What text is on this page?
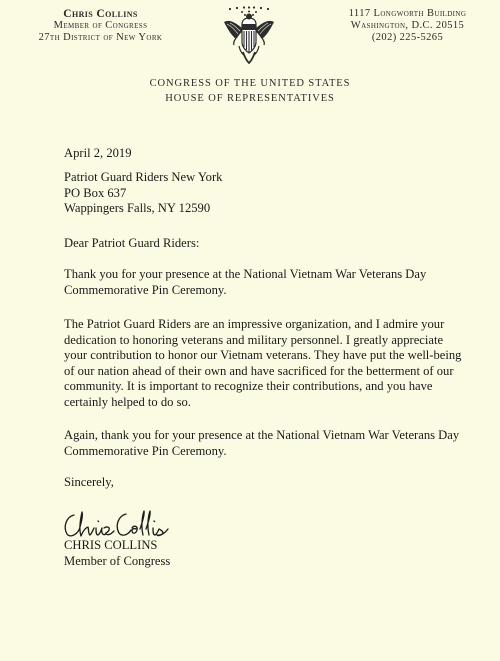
Chris Collins
Member of Congress
27th District of New York
1117 Longworth Building
Washington, D.C. 20515
(202) 225-5265
CONGRESS OF THE UNITED STATES
HOUSE OF REPRESENTATIVES
April 2, 2019
Patriot Guard Riders New York
PO Box 637
Wappingers Falls, NY 12590
Dear Patriot Guard Riders:
Thank you for your presence at the National Vietnam War Veterans Day Commemorative Pin Ceremony.
The Patriot Guard Riders are an impressive organization, and I admire your dedication to honoring veterans and military personnel. I greatly appreciate your contribution to honor our Vietnam veterans. They have put the well-being of our nation ahead of their own and have sacrificed for the betterment of our community. It is important to recognize their contributions, and you have certainly helped to do so.
Again, thank you for your presence at the National Vietnam War Veterans Day Commemorative Pin Ceremony.
Sincerely,
CHRIS COLLINS
Member of Congress
